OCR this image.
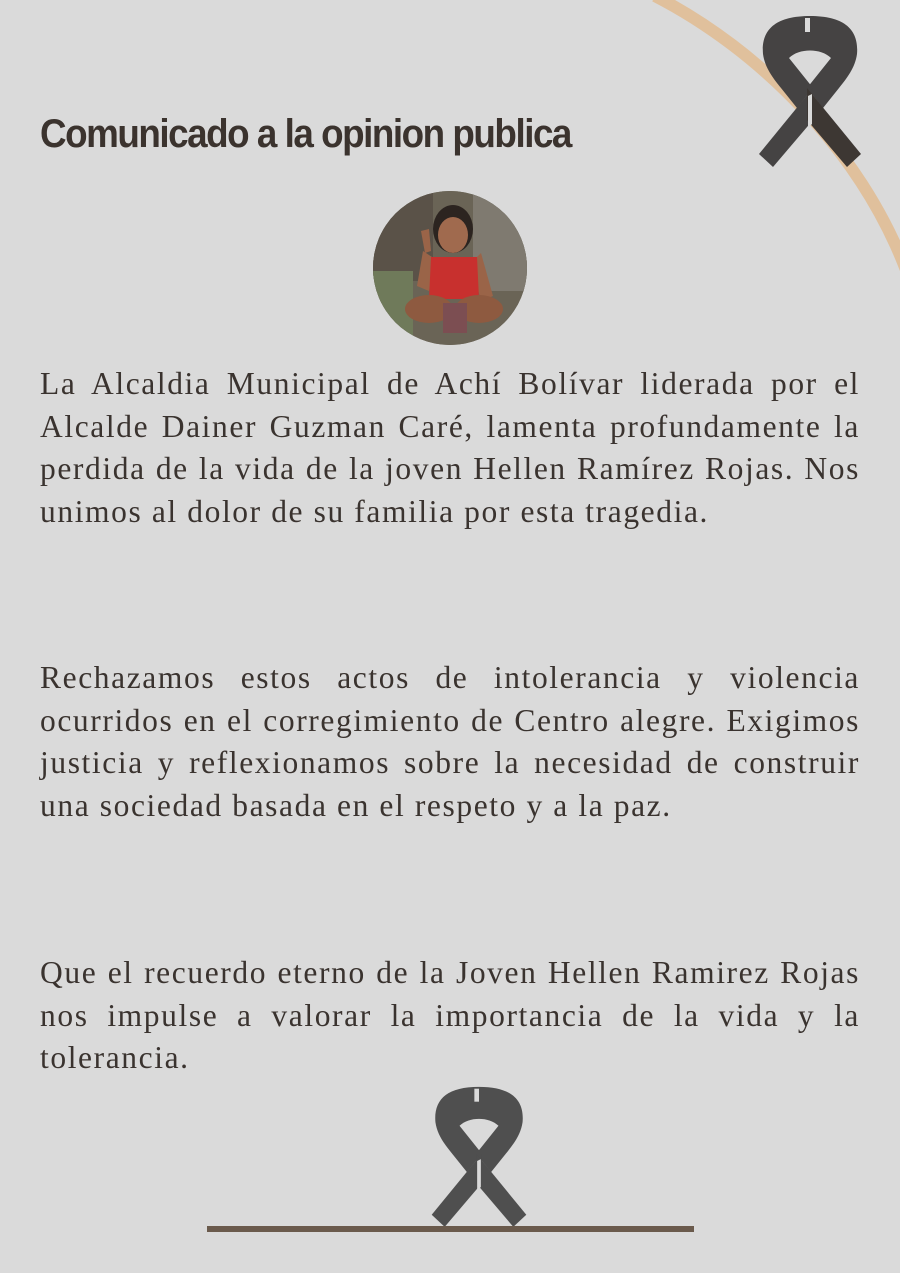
Comunicado a la opinion publica

La Alcaldia Municipal de Achí Bolívar liderada por el Alcalde Dainer Guzman Caré, lamenta profundamente la perdida de la vida de la joven Hellen Ramírez Rojas. Nos unimos al dolor de su familia por esta tragedia.

Rechazamos estos actos de intolerancia y violencia ocurridos en el corregimiento de Centro alegre. Exigimos justicia y reflexionamos sobre la necesidad de construir una sociedad basada en el respeto y a la paz.

Que el recuerdo eterno de la Joven Hellen Ramirez Rojas nos impulse a valorar la importancia de la vida y la tolerancia.
